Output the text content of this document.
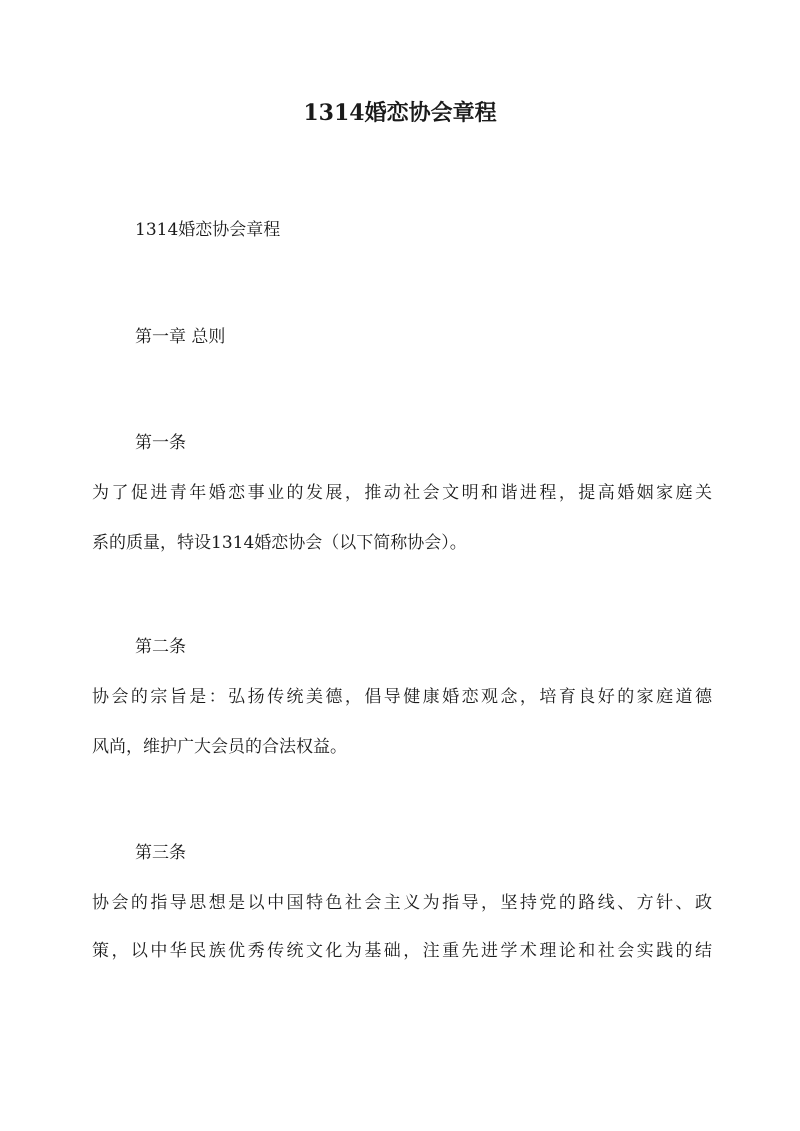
1314婚恋协会章程

1314婚恋协会章程

第一章 总则

第一条

为了促进青年婚恋事业的发展，推动社会文明和谐进程，提高婚姻家庭关

系的质量，特设1314婚恋协会（以下简称协会）。

第二条

协会的宗旨是：弘扬传统美德，倡导健康婚恋观念，培育良好的家庭道德

风尚，维护广大会员的合法权益。

第三条

协会的指导思想是以中国特色社会主义为指导，坚持党的路线、方针、政

策，以中华民族优秀传统文化为基础，注重先进学术理论和社会实践的结
